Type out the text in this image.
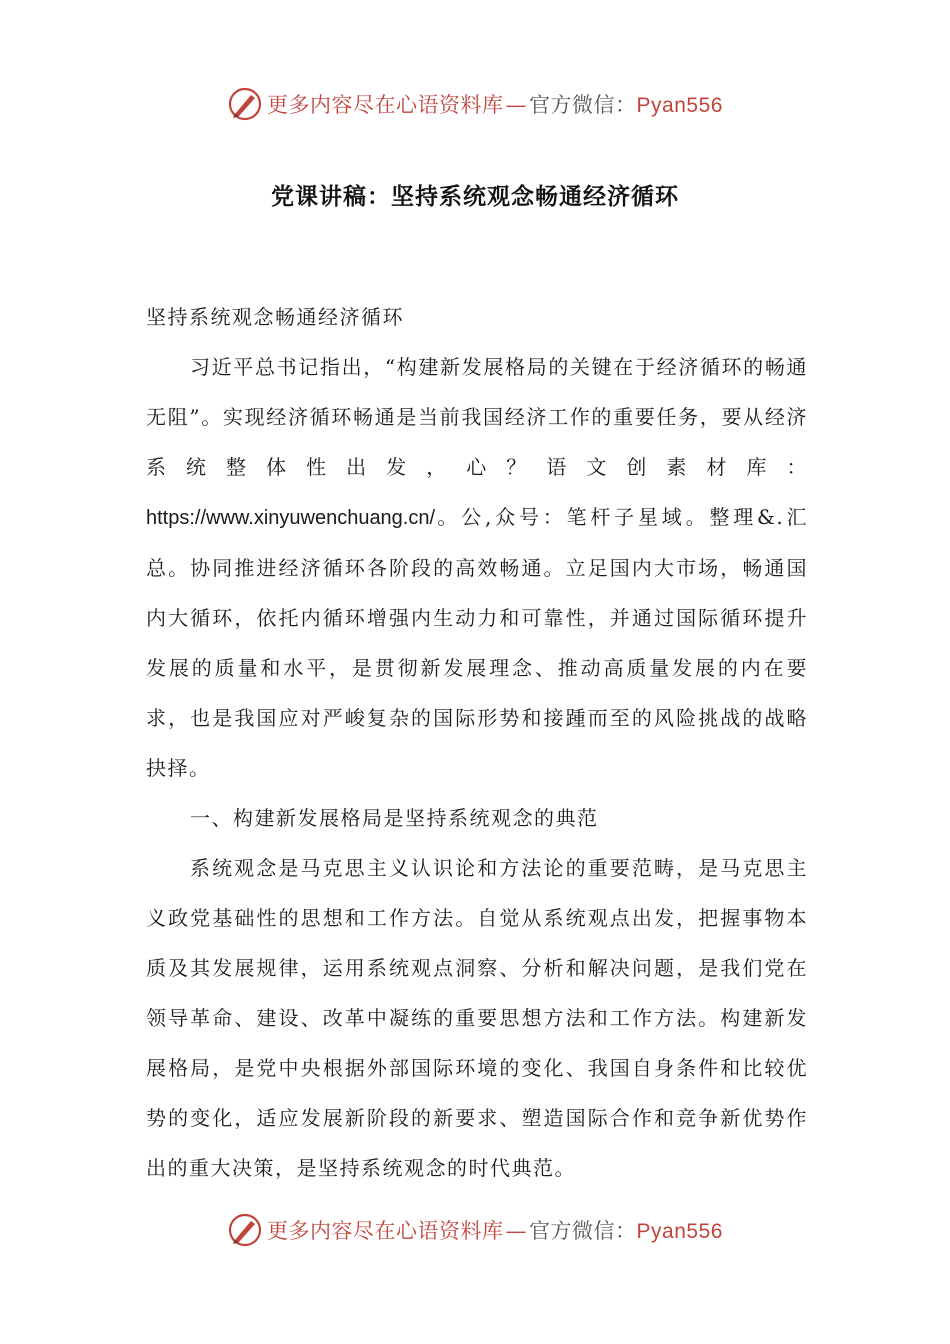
更多内容尽在心语资料库—官方微信：Pyan556
党课讲稿：坚持系统观念畅通经济循环

坚持系统观念畅通经济循环

习近平总书记指出，“构建新发展格局的关键在于经济循环的畅通无阻”。实现经济循环畅通是当前我国经济工作的重要任务，要从经济系统整体性出发，心？语文创素材库：https://www.xinyuwenchuang.cn/。公,众号：笔杆子星域。整理&.汇总。协同推进经济循环各阶段的高效畅通。立足国内大市场，畅通国内大循环，依托内循环增强内生动力和可靠性，并通过国际循环提升发展的质量和水平，是贯彻新发展理念、推动高质量发展的内在要求，也是我国应对严峻复杂的国际形势和接踵而至的风险挑战的战略抉择。

一、构建新发展格局是坚持系统观念的典范

系统观念是马克思主义认识论和方法论的重要范畴，是马克思主义政党基础性的思想和工作方法。自觉从系统观点出发，把握事物本质及其发展规律，运用系统观点洞察、分析和解决问题，是我们党在领导革命、建设、改革中凝练的重要思想方法和工作方法。构建新发展格局，是党中央根据外部国际环境的变化、我国自身条件和比较优势的变化，适应发展新阶段的新要求、塑造国际合作和竞争新优势作出的重大决策，是坚持系统观念的时代典范。

更多内容尽在心语资料库—官方微信：Pyan556
